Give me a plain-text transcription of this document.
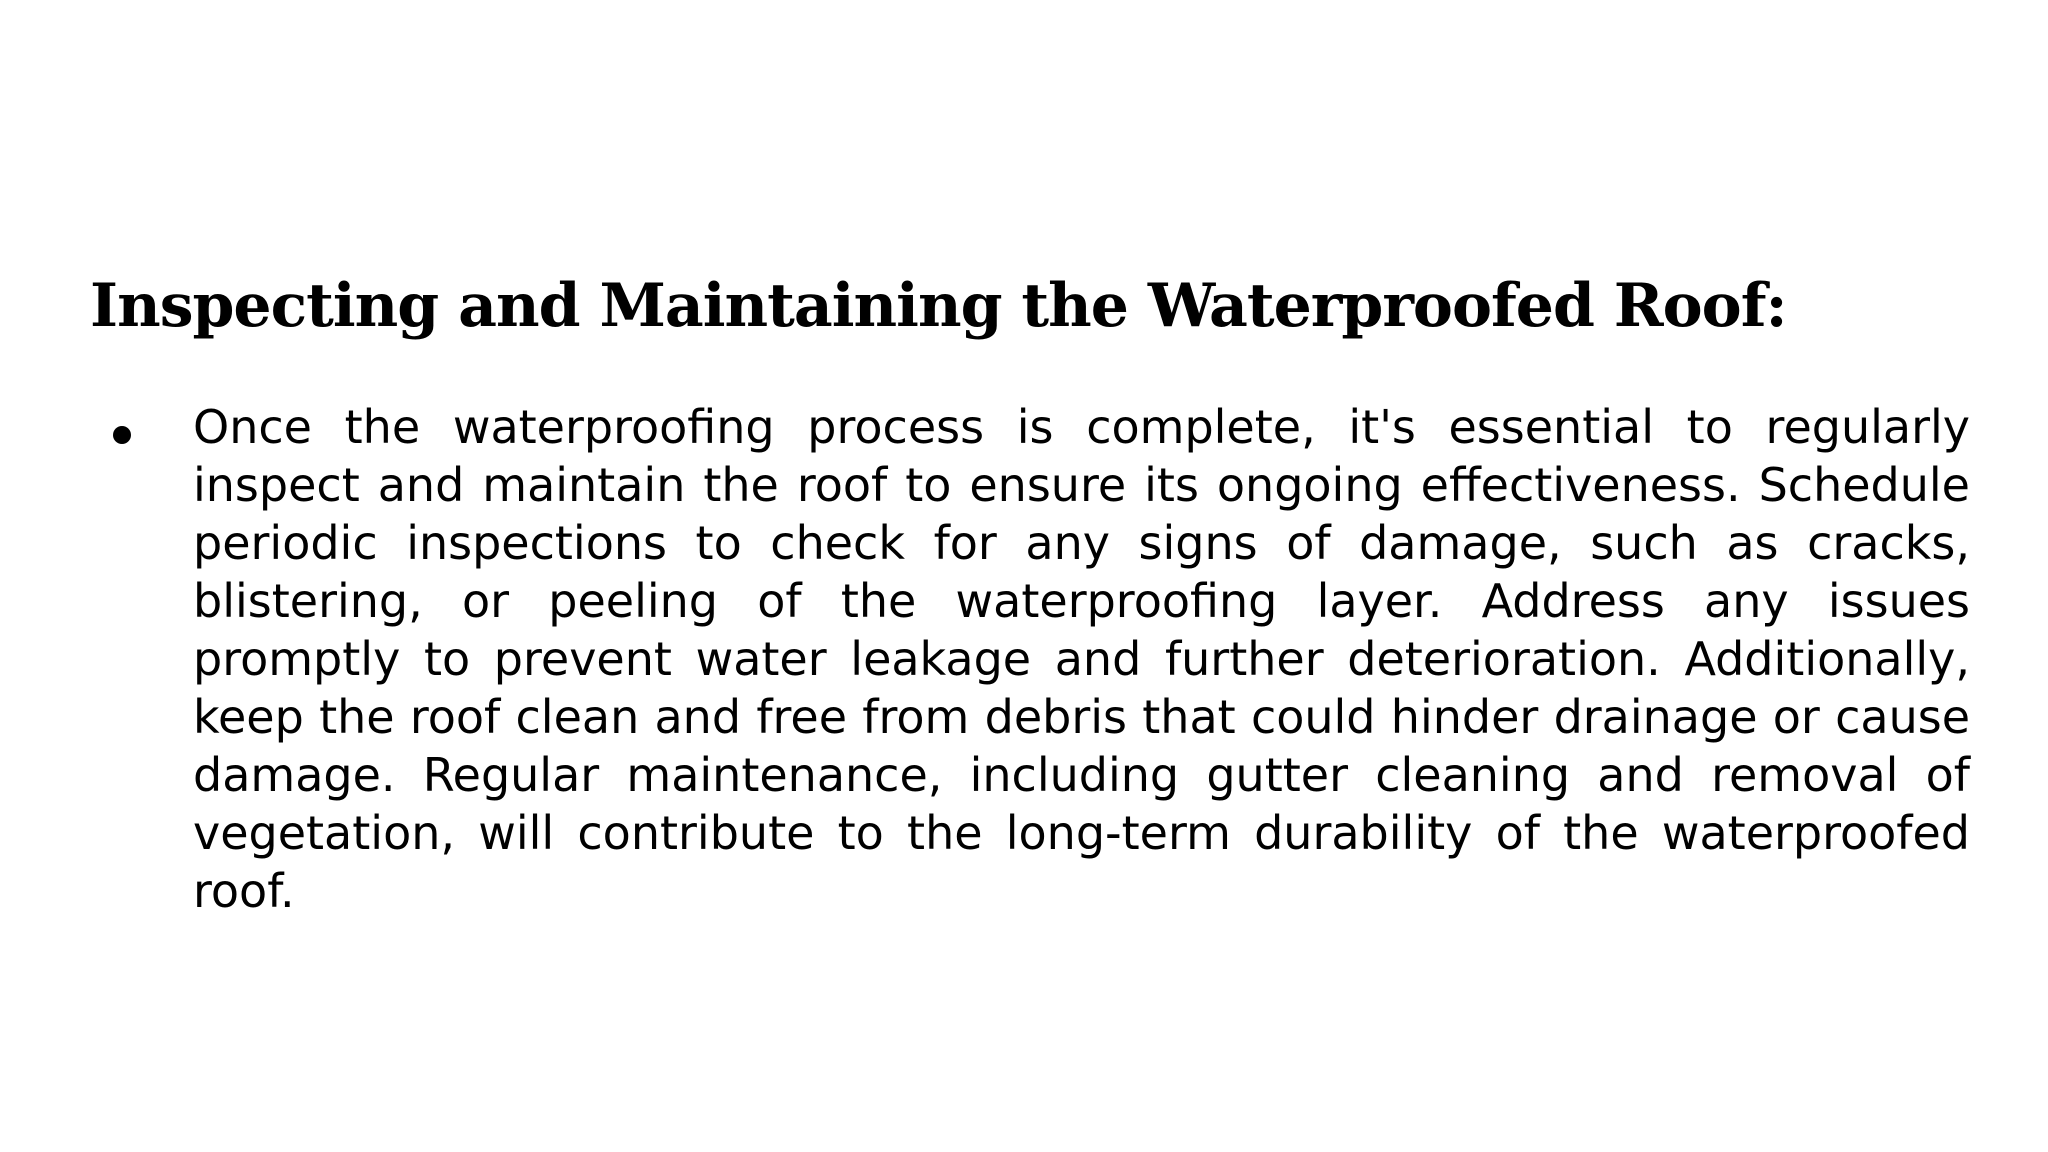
Inspecting and Maintaining the Waterproofed Roof:
Once the waterproofing process is complete, it's essential to regularly inspect and maintain the roof to ensure its ongoing effectiveness. Schedule periodic inspections to check for any signs of damage, such as cracks, blistering, or peeling of the waterproofing layer. Address any issues promptly to prevent water leakage and further deterioration. Additionally, keep the roof clean and free from debris that could hinder drainage or cause damage. Regular maintenance, including gutter cleaning and removal of vegetation, will contribute to the long-term durability of the waterproofed roof.
